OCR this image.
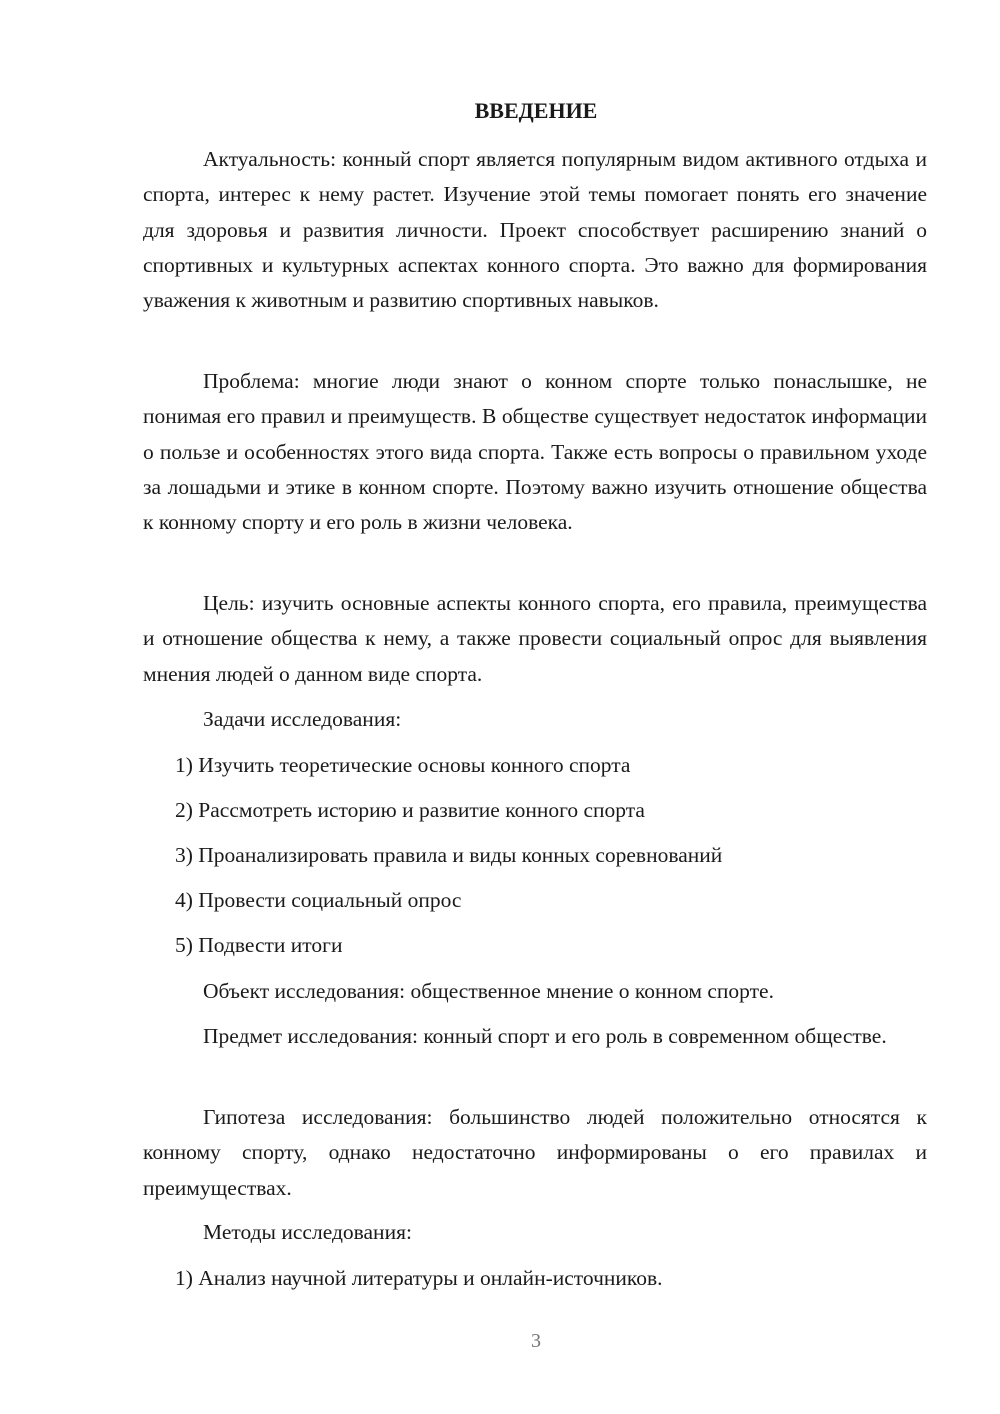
ВВЕДЕНИЕ

Актуальность: конный спорт является популярным видом активного отдыха и спорта, интерес к нему растет. Изучение этой темы помогает понять его значение для здоровья и развития личности. Проект способствует расширению знаний о спортивных и культурных аспектах конного спорта. Это важно для формирования уважения к животным и развитию спортивных навыков.

Проблема: многие люди знают о конном спорте только понаслышке, не понимая его правил и преимуществ. В обществе существует недостаток информации о пользе и особенностях этого вида спорта. Также есть вопросы о правильном уходе за лошадьми и этике в конном спорте. Поэтому важно изучить отношение общества к конному спорту и его роль в жизни человека.

Цель: изучить основные аспекты конного спорта, его правила, преимущества и отношение общества к нему, а также провести социальный опрос для выявления мнения людей о данном виде спорта.

Задачи исследования:

1) Изучить теоретические основы конного спорта

2) Рассмотреть историю и развитие конного спорта

3) Проанализировать правила и виды конных соревнований

4) Провести социальный опрос

5) Подвести итоги

Объект исследования: общественное мнение о конном спорте.

Предмет исследования: конный спорт и его роль в современном обществе.

Гипотеза исследования: большинство людей положительно относятся к конному спорту, однако недостаточно информированы о его правилах и преимуществах.

Методы исследования:

1) Анализ научной литературы и онлайн-источников.

3
